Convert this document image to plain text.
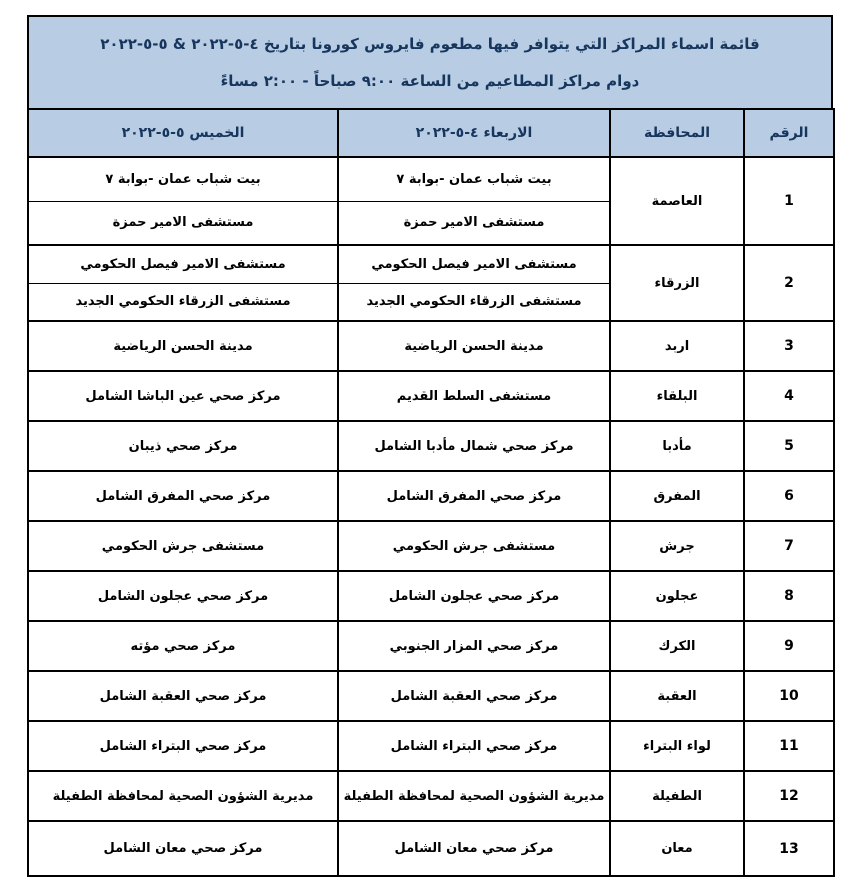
قائمة اسماء المراكز التي يتوافر فيها مطعوم فايروس كورونا بتاريخ ٤-٥-٢٠٢٢ & ٥-٥-٢٠٢٢
دوام مراكز المطاعيم من الساعة ٩:٠٠ صباحاً - ٢:٠٠ مساءً
الرقم	المحافظة	الاربعاء ٤-٥-٢٠٢٢	الخميس ٥-٥-٢٠٢٢
1	العاصمة	بيت شباب عمان -بوابة ٧	بيت شباب عمان -بوابة ٧
		مستشفى الامير حمزة	مستشفى الامير حمزة
2	الزرقاء	مستشفى الامير فيصل الحكومي	مستشفى الامير فيصل الحكومي
		مستشفى الزرقاء الحكومي الجديد	مستشفى الزرقاء الحكومي الجديد
3	اربد	مدينة الحسن الرياضية	مدينة الحسن الرياضية
4	البلقاء	مستشفى السلط القديم	مركز صحي عين الباشا الشامل
5	مأدبا	مركز صحي شمال مأدبا الشامل	مركز صحي ذيبان
6	المفرق	مركز صحي المفرق الشامل	مركز صحي المفرق الشامل
7	جرش	مستشفى جرش الحكومي	مستشفى جرش الحكومي
8	عجلون	مركز صحي عجلون الشامل	مركز صحي عجلون الشامل
9	الكرك	مركز صحي المزار الجنوبي	مركز صحي مؤته
10	العقبة	مركز صحي العقبة الشامل	مركز صحي العقبة الشامل
11	لواء البتراء	مركز صحي البتراء الشامل	مركز صحي البتراء الشامل
12	الطفيلة	مديرية الشؤون الصحية لمحافظة الطفيلة	مديرية الشؤون الصحية لمحافظة الطفيلة
13	معان	مركز صحي معان الشامل	مركز صحي معان الشامل
